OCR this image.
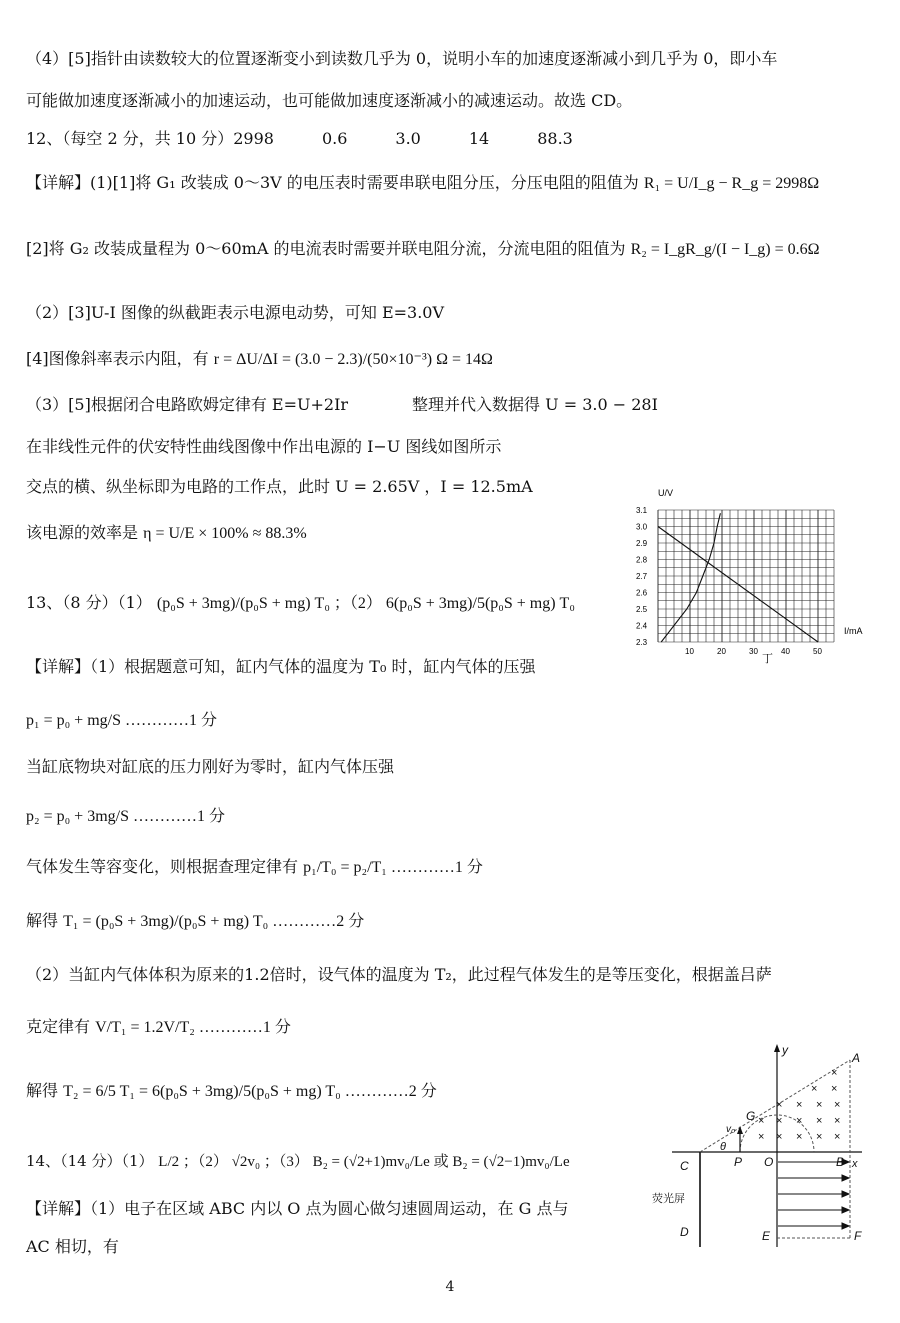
（4）[5]指针由读数较大的位置逐渐变小到读数几乎为 0，说明小车的加速度逐渐减小到几乎为 0，即小车
可能做加速度逐渐减小的加速运动，也可能做加速度逐渐减小的减速运动。故选 CD。
12、（每空 2 分，共 10 分）2998　　　0.6　　　3.0　　　14　　　88.3
【详解】(1)[1]将 G₁ 改装成 0～3V 的电压表时需要串联电阻分压，分压电阻的阻值为 R₁ = U/I_g − R_g = 2998Ω
[2]将 G₂ 改装成量程为 0～60mA 的电流表时需要并联电阻分流，分流电阻的阻值为 R₂ = I_gR_g/(I − I_g) = 0.6Ω
（2）[3]U-I 图像的纵截距表示电源电动势，可知 E=3.0V
[4]图像斜率表示内阻，有 r = ΔU/ΔI = (3.0 − 2.3)/(50×10⁻³) Ω = 14Ω
（3）[5]根据闭合电路欧姆定律有 E=U+2Ir　　　　整理并代入数据得 U = 3.0 − 28I
在非线性元件的伏安特性曲线图像中作出电源的 I−U 图线如图所示
交点的横、纵坐标即为电路的工作点，此时 U = 2.65V ，I = 12.5mA
该电源的效率是 η = U/E × 100% ≈ 88.3%
13、（8 分）（1） (p₀S + 3mg)/(p₀S + mg) T₀ ；（2） 6(p₀S + 3mg)/5(p₀S + mg) T₀
【详解】（1）根据题意可知，缸内气体的温度为 T₀ 时，缸内气体的压强
p₁ = p₀ + mg/S …………1 分
当缸底物块对缸底的压力刚好为零时，缸内气体压强
p₂ = p₀ + 3mg/S …………1 分
气体发生等容变化，则根据查理定律有 p₁/T₀ = p₂/T₁ …………1 分
解得 T₁ = (p₀S + 3mg)/(p₀S + mg) T₀ …………2 分
（2）当缸内气体体积为原来的1.2倍时，设气体的温度为 T₂，此过程气体发生的是等压变化，根据盖吕萨
克定律有 V/T₁ = 1.2V/T₂ …………1 分
解得 T₂ = 6/5 T₁ = 6(p₀S + 3mg)/5(p₀S + mg) T₀ …………2 分
14、（14 分）（1） L/2 ；（2） √2v₀ ；（3） B₂ = (√2+1)mv₀/Le 或 B₂ = (√2−1)mv₀/Le
【详解】（1）电子在区域 ABC 内以 O 点为圆心做匀速圆周运动，在 G 点与
AC 相切，有
2.3
2.4
2.5
2.6
2.7
2.8
2.9
3.0
3.1
10	20	30	40	50
U/V
I/mA
丁
×
× ×
× × × ×
× × × × ×
× × × × ×
y
A
x
B
C	P O
G
θ
v₀
D	E	F
荧光屏
4
